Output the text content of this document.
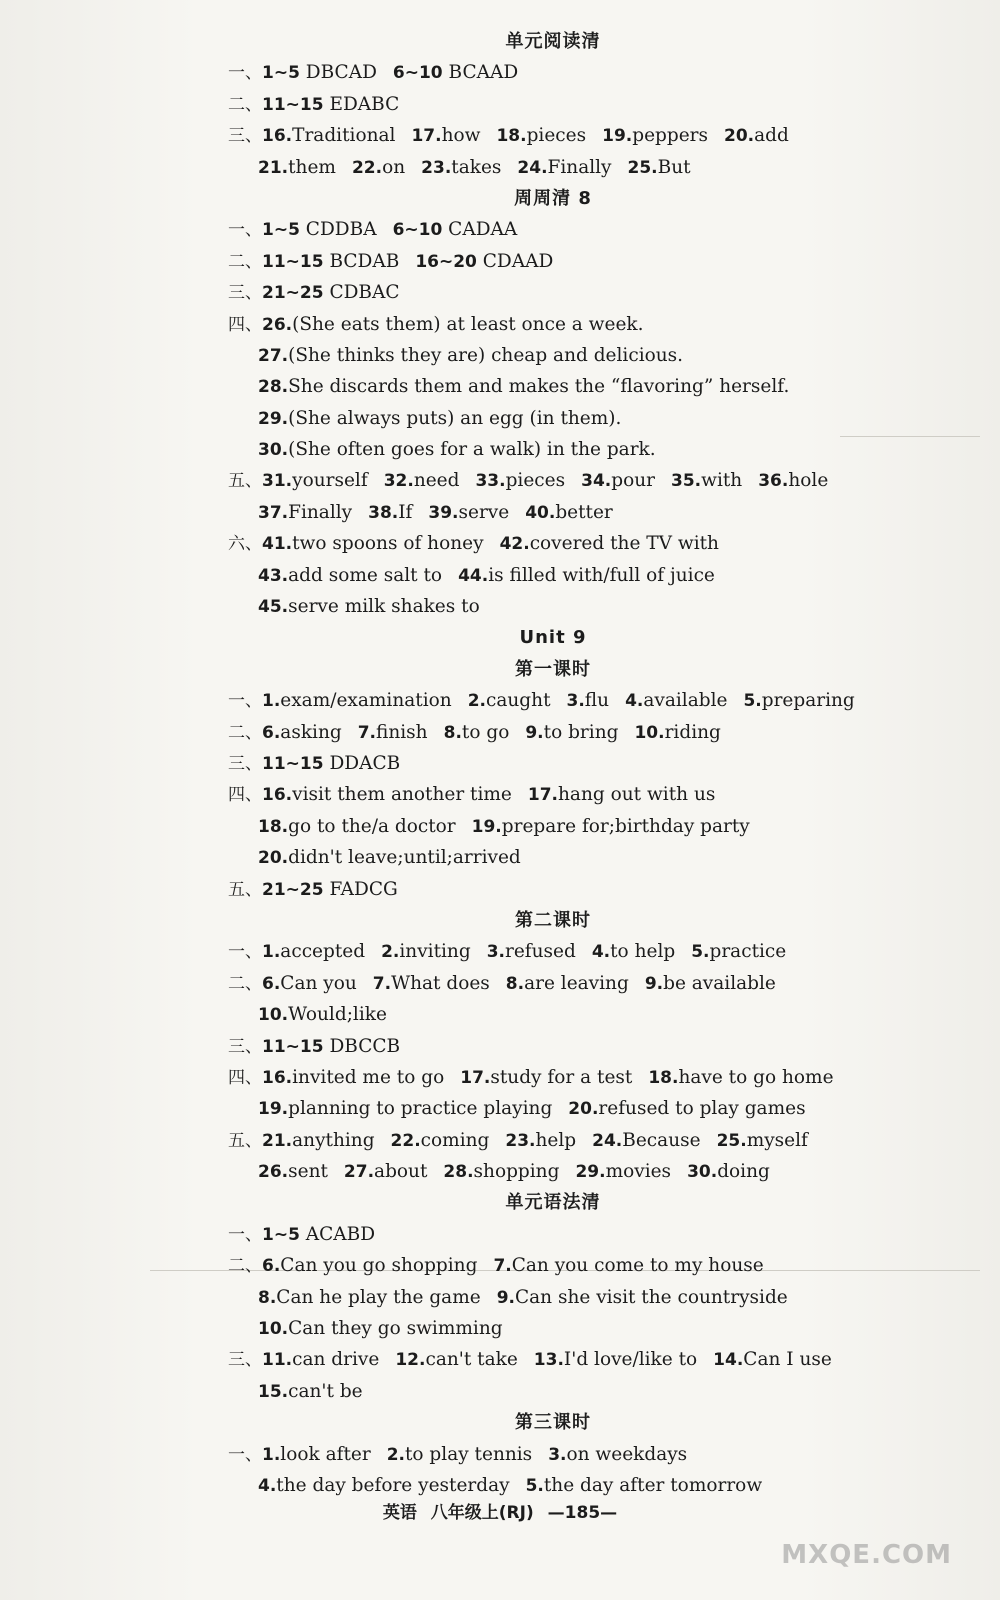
单元阅读清
一、1~5 DBCAD 6~10 BCAAD
二、11~15 EDABC
三、16.Traditional 17.how 18.pieces 19.peppers 20.add
21.them 22.on 23.takes 24.Finally 25.But
周周清 8
一、1~5 CDDBA 6~10 CADAA
二、11~15 BCDAB 16~20 CDAAD
三、21~25 CDBAC
四、26.(She eats them) at least once a week.
27.(She thinks they are) cheap and delicious.
28.She discards them and makes the “flavoring” herself.
29.(She always puts) an egg (in them).
30.(She often goes for a walk) in the park.
五、31.yourself 32.need 33.pieces 34.pour 35.with 36.hole
37.Finally 38.If 39.serve 40.better
六、41.two spoons of honey 42.covered the TV with
43.add some salt to 44.is filled with/full of juice
45.serve milk shakes to
Unit 9
第一课时
一、1.exam/examination 2.caught 3.flu 4.available 5.preparing
二、6.asking 7.finish 8.to go 9.to bring 10.riding
三、11~15 DDACB
四、16.visit them another time 17.hang out with us
18.go to the/a doctor 19.prepare for;birthday party
20.didn't leave;until;arrived
五、21~25 FADCG
第二课时
一、1.accepted 2.inviting 3.refused 4.to help 5.practice
二、6.Can you 7.What does 8.are leaving 9.be available
10.Would;like
三、11~15 DBCCB
四、16.invited me to go 17.study for a test 18.have to go home
19.planning to practice playing 20.refused to play games
五、21.anything 22.coming 23.help 24.Because 25.myself
26.sent 27.about 28.shopping 29.movies 30.doing
单元语法清
一、1~5 ACABD
二、6.Can you go shopping 7.Can you come to my house
8.Can he play the game 9.Can she visit the countryside
10.Can they go swimming
三、11.can drive 12.can't take 13.I'd love/like to 14.Can I use
15.can't be
第三课时
一、1.look after 2.to play tennis 3.on weekdays
4.the day before yesterday 5.the day after tomorrow
英语 八年级上(RJ) —185—
MXQE.COM
